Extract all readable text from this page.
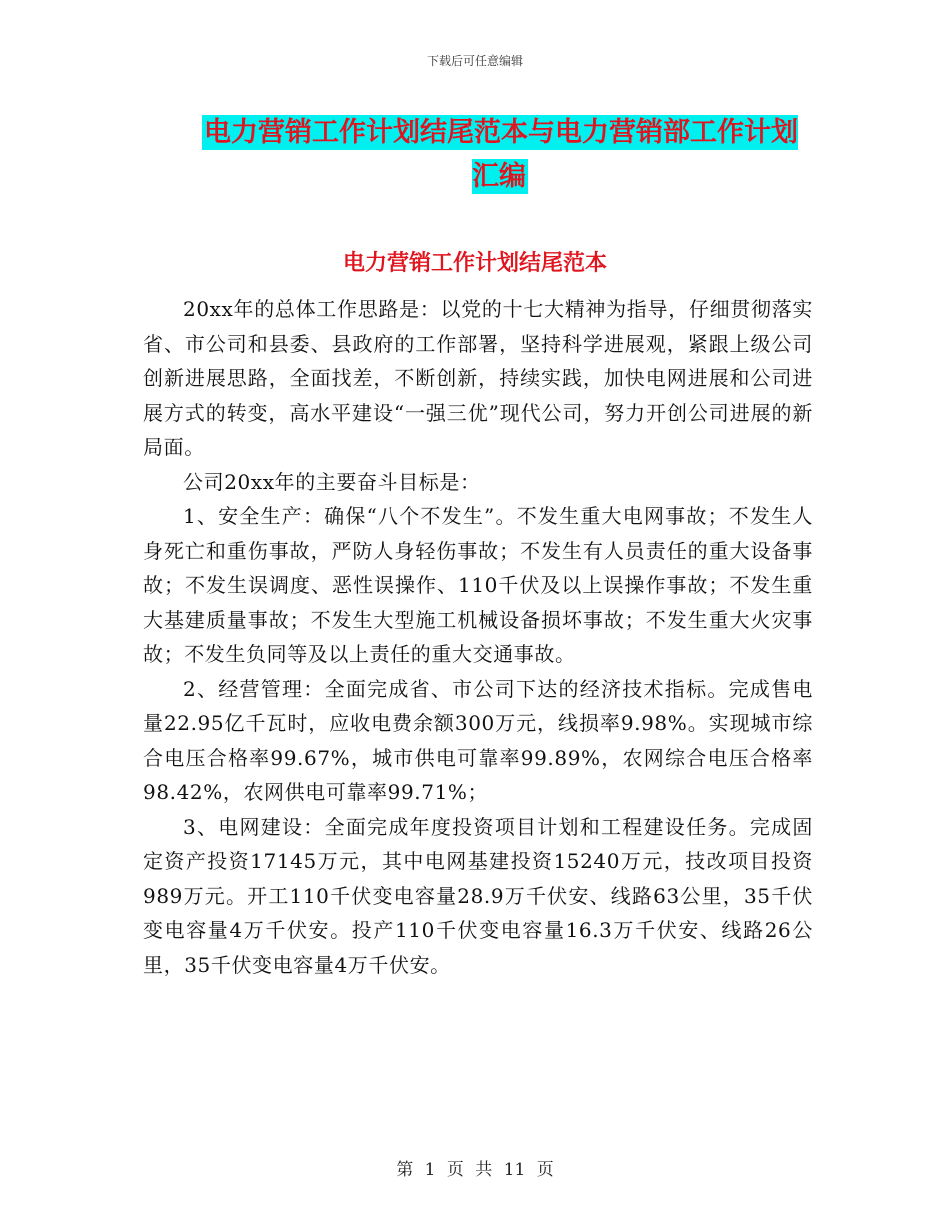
下载后可任意编辑
电力营销工作计划结尾范本与电力营销部工作计划汇编
电力营销工作计划结尾范本

20xx年的总体工作思路是：以党的十七大精神为指导，仔细贯彻落实省、市公司和县委、县政府的工作部署，坚持科学进展观，紧跟上级公司创新进展思路，全面找差，不断创新，持续实践，加快电网进展和公司进展方式的转变，高水平建设“一强三优”现代公司，努力开创公司进展的新局面。

公司20xx年的主要奋斗目标是：

1、安全生产：确保“八个不发生”。不发生重大电网事故；不发生人身死亡和重伤事故，严防人身轻伤事故；不发生有人员责任的重大设备事故；不发生误调度、恶性误操作、110千伏及以上误操作事故；不发生重大基建质量事故；不发生大型施工机械设备损坏事故；不发生重大火灾事故；不发生负同等及以上责任的重大交通事故。

2、经营管理：全面完成省、市公司下达的经济技术指标。完成售电量22.95亿千瓦时，应收电费余额300万元，线损率9.98%。实现城市综合电压合格率99.67%，城市供电可靠率99.89%，农网综合电压合格率98.42%，农网供电可靠率99.71%；

3、电网建设：全面完成年度投资项目计划和工程建设任务。完成固定资产投资17145万元，其中电网基建投资15240万元，技改项目投资989万元。开工110千伏变电容量28.9万千伏安、线路63公里，35千伏变电容量4万千伏安。投产110千伏变电容量16.3万千伏安、线路26公里，35千伏变电容量4万千伏安。

第 1 页 共 11 页
